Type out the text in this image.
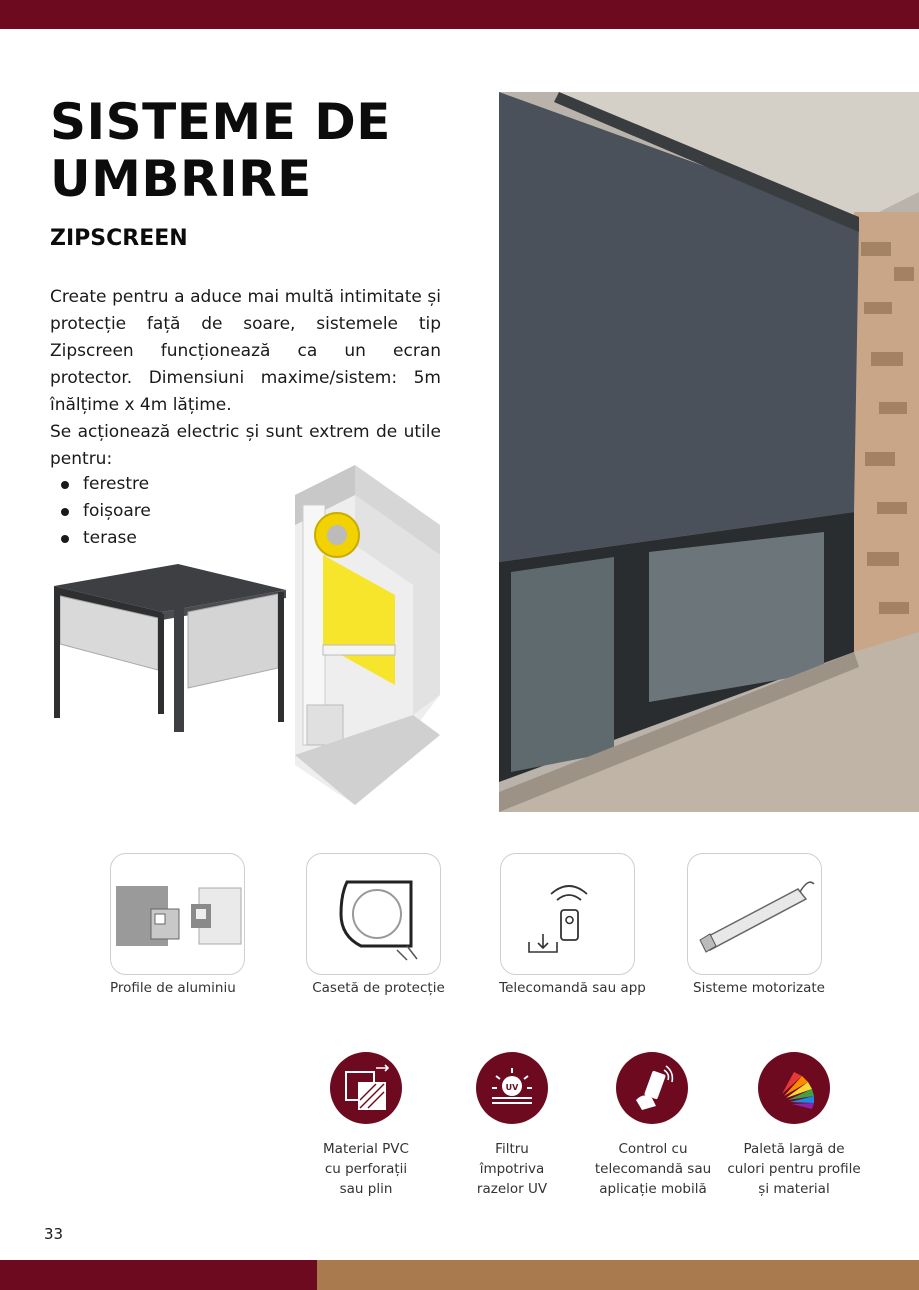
SISTEME DE
UMBRIRE
ZIPSCREEN

Create pentru a aduce mai multă intimitate și protecție față de soare, sistemele tip Zipscreen funcționează ca un ecran protector. Dimensiuni maxime/sistem: 5m înălțime x 4m lățime.

Se acționează electric și sunt extrem de utile pentru:

ferestre
foișoare
terase
Profile de aluminiu	Casetă de protecție	Telecomandă sau app	Sisteme motorizate
UV
Material PVC
cu perforații
sau plin
Filtru
împotriva
razelor UV
Control cu
telecomandă sau
aplicație mobilă
Paletă largă de
culori pentru profile
și material
33
